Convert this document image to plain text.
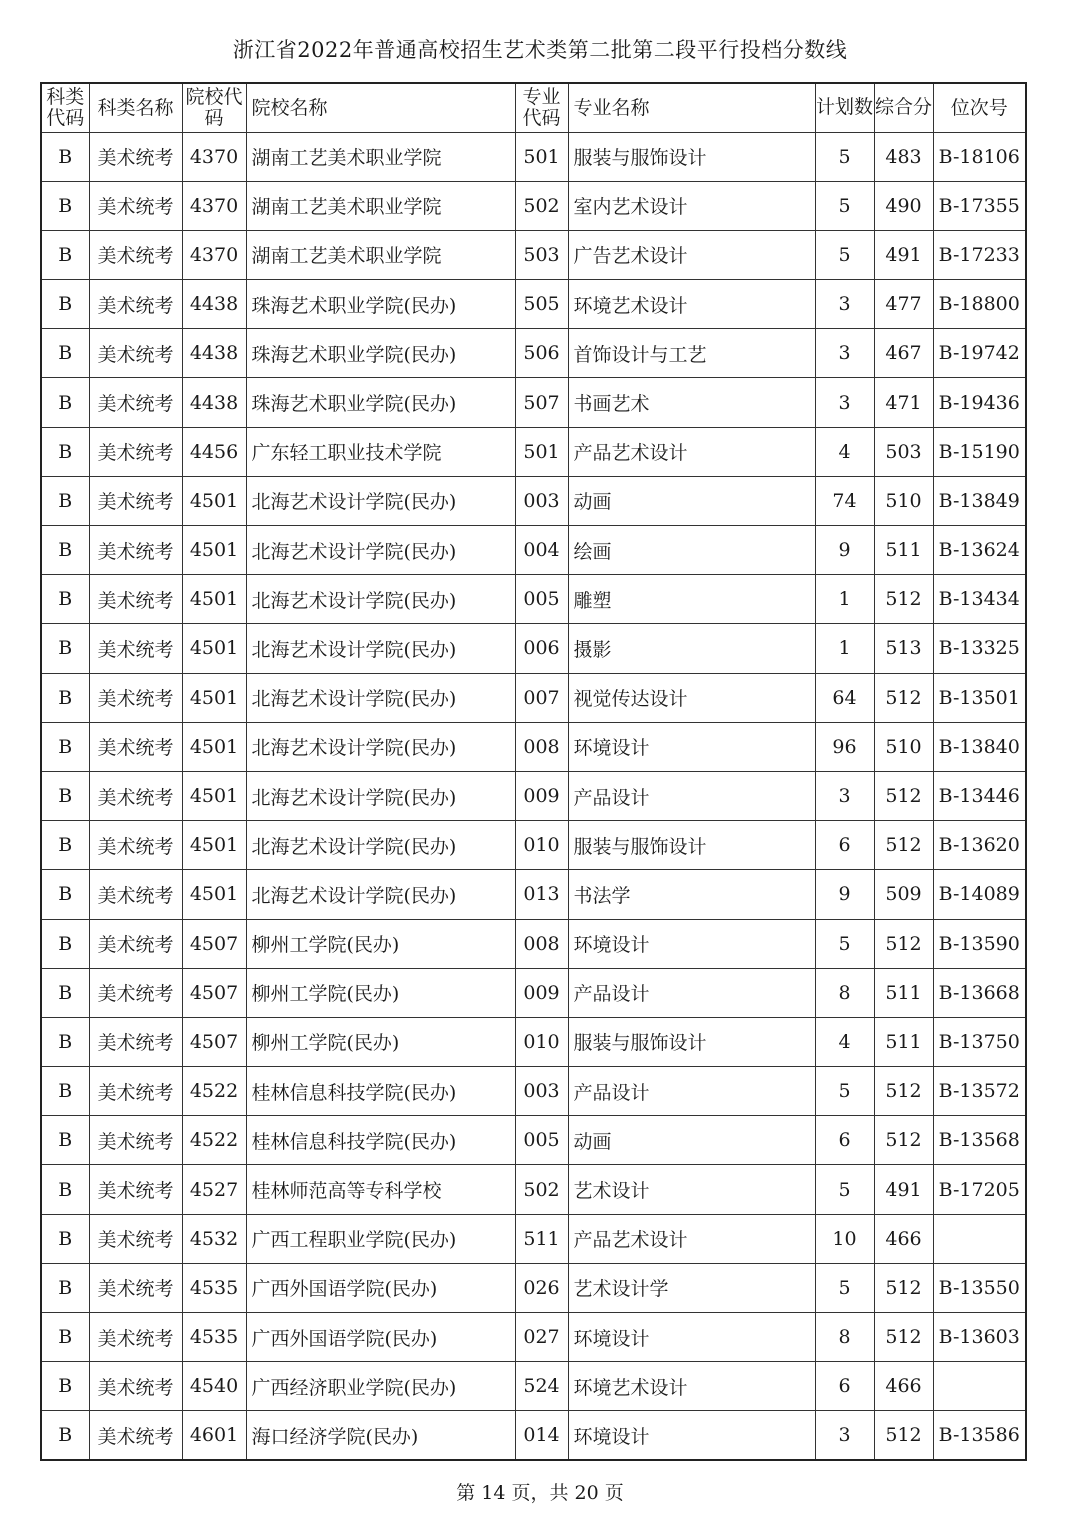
浙江省2022年普通高校招生艺术类第二批第二段平行投档分数线
科类代码	科类名称	院校代码	院校名称	专业代码	专业名称	计划数	综合分	位次号
B	美术统考	4370	湖南工艺美术职业学院	501	服装与服饰设计	5	483	B-18106
B	美术统考	4370	湖南工艺美术职业学院	502	室内艺术设计	5	490	B-17355
B	美术统考	4370	湖南工艺美术职业学院	503	广告艺术设计	5	491	B-17233
B	美术统考	4438	珠海艺术职业学院(民办)	505	环境艺术设计	3	477	B-18800
B	美术统考	4438	珠海艺术职业学院(民办)	506	首饰设计与工艺	3	467	B-19742
B	美术统考	4438	珠海艺术职业学院(民办)	507	书画艺术	3	471	B-19436
B	美术统考	4456	广东轻工职业技术学院	501	产品艺术设计	4	503	B-15190
B	美术统考	4501	北海艺术设计学院(民办)	003	动画	74	510	B-13849
B	美术统考	4501	北海艺术设计学院(民办)	004	绘画	9	511	B-13624
B	美术统考	4501	北海艺术设计学院(民办)	005	雕塑	1	512	B-13434
B	美术统考	4501	北海艺术设计学院(民办)	006	摄影	1	513	B-13325
B	美术统考	4501	北海艺术设计学院(民办)	007	视觉传达设计	64	512	B-13501
B	美术统考	4501	北海艺术设计学院(民办)	008	环境设计	96	510	B-13840
B	美术统考	4501	北海艺术设计学院(民办)	009	产品设计	3	512	B-13446
B	美术统考	4501	北海艺术设计学院(民办)	010	服装与服饰设计	6	512	B-13620
B	美术统考	4501	北海艺术设计学院(民办)	013	书法学	9	509	B-14089
B	美术统考	4507	柳州工学院(民办)	008	环境设计	5	512	B-13590
B	美术统考	4507	柳州工学院(民办)	009	产品设计	8	511	B-13668
B	美术统考	4507	柳州工学院(民办)	010	服装与服饰设计	4	511	B-13750
B	美术统考	4522	桂林信息科技学院(民办)	003	产品设计	5	512	B-13572
B	美术统考	4522	桂林信息科技学院(民办)	005	动画	6	512	B-13568
B	美术统考	4527	桂林师范高等专科学校	502	艺术设计	5	491	B-17205
B	美术统考	4532	广西工程职业学院(民办)	511	产品艺术设计	10	466	
B	美术统考	4535	广西外国语学院(民办)	026	艺术设计学	5	512	B-13550
B	美术统考	4535	广西外国语学院(民办)	027	环境设计	8	512	B-13603
B	美术统考	4540	广西经济职业学院(民办)	524	环境艺术设计	6	466	
B	美术统考	4601	海口经济学院(民办)	014	环境设计	3	512	B-13586
第 14 页，共 20 页
